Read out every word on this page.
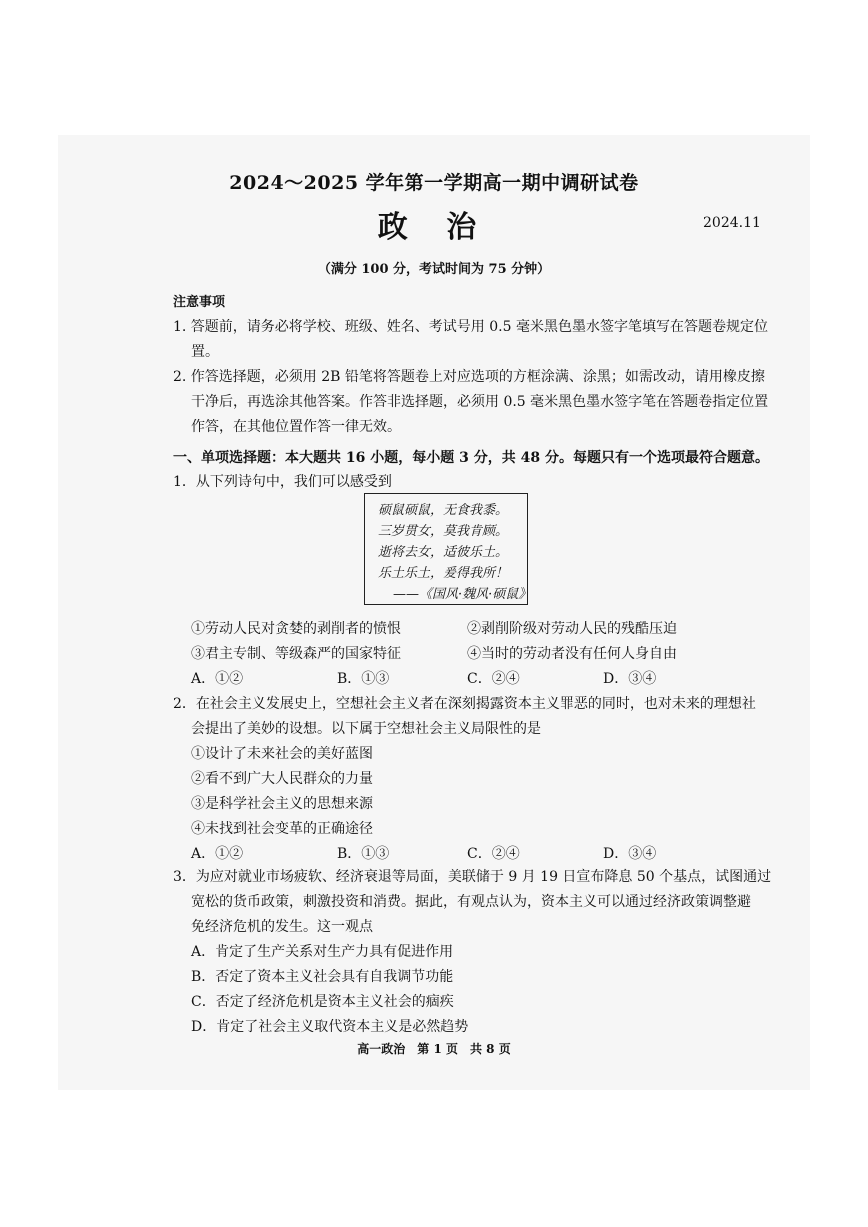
2024～2025 学年第一学期高一期中调研试卷
政 治	2024.11
（满分 100 分，考试时间为 75 分钟）
注意事项
1. 答题前，请务必将学校、班级、姓名、考试号用 0.5 毫米黑色墨水签字笔填写在答题卷规定位
置。
2. 作答选择题，必须用 2B 铅笔将答题卷上对应选项的方框涂满、涂黑；如需改动，请用橡皮擦
干净后，再选涂其他答案。作答非选择题，必须用 0.5 毫米黑色墨水签字笔在答题卷指定位置
作答，在其他位置作答一律无效。
一、单项选择题：本大题共 16 小题，每小题 3 分，共 48 分。每题只有一个选项最符合题意。
1．从下列诗句中，我们可以感受到
硕鼠硕鼠，无食我黍。
三岁贯女，莫我肯顾。
逝将去女，适彼乐土。
乐土乐土，爰得我所！
——《国风·魏风·硕鼠》
①劳动人民对贪婪的剥削者的愤恨	②剥削阶级对劳动人民的残酷压迫
③君主专制、等级森严的国家特征	④当时的劳动者没有任何人身自由
A．①②	B．①③	C．②④	D．③④
2．在社会主义发展史上，空想社会主义者在深刻揭露资本主义罪恶的同时，也对未来的理想社
会提出了美妙的设想。以下属于空想社会主义局限性的是
①设计了未来社会的美好蓝图
②看不到广大人民群众的力量
③是科学社会主义的思想来源
④未找到社会变革的正确途径
A．①②	B．①③	C．②④	D．③④
3．为应对就业市场疲软、经济衰退等局面，美联储于 9 月 19 日宣布降息 50 个基点，试图通过
宽松的货币政策，刺激投资和消费。据此，有观点认为，资本主义可以通过经济政策调整避
免经济危机的发生。这一观点
A．肯定了生产关系对生产力具有促进作用
B．否定了资本主义社会具有自我调节功能
C．否定了经济危机是资本主义社会的痼疾
D．肯定了社会主义取代资本主义是必然趋势
高一政治　第 1 页　共 8 页
